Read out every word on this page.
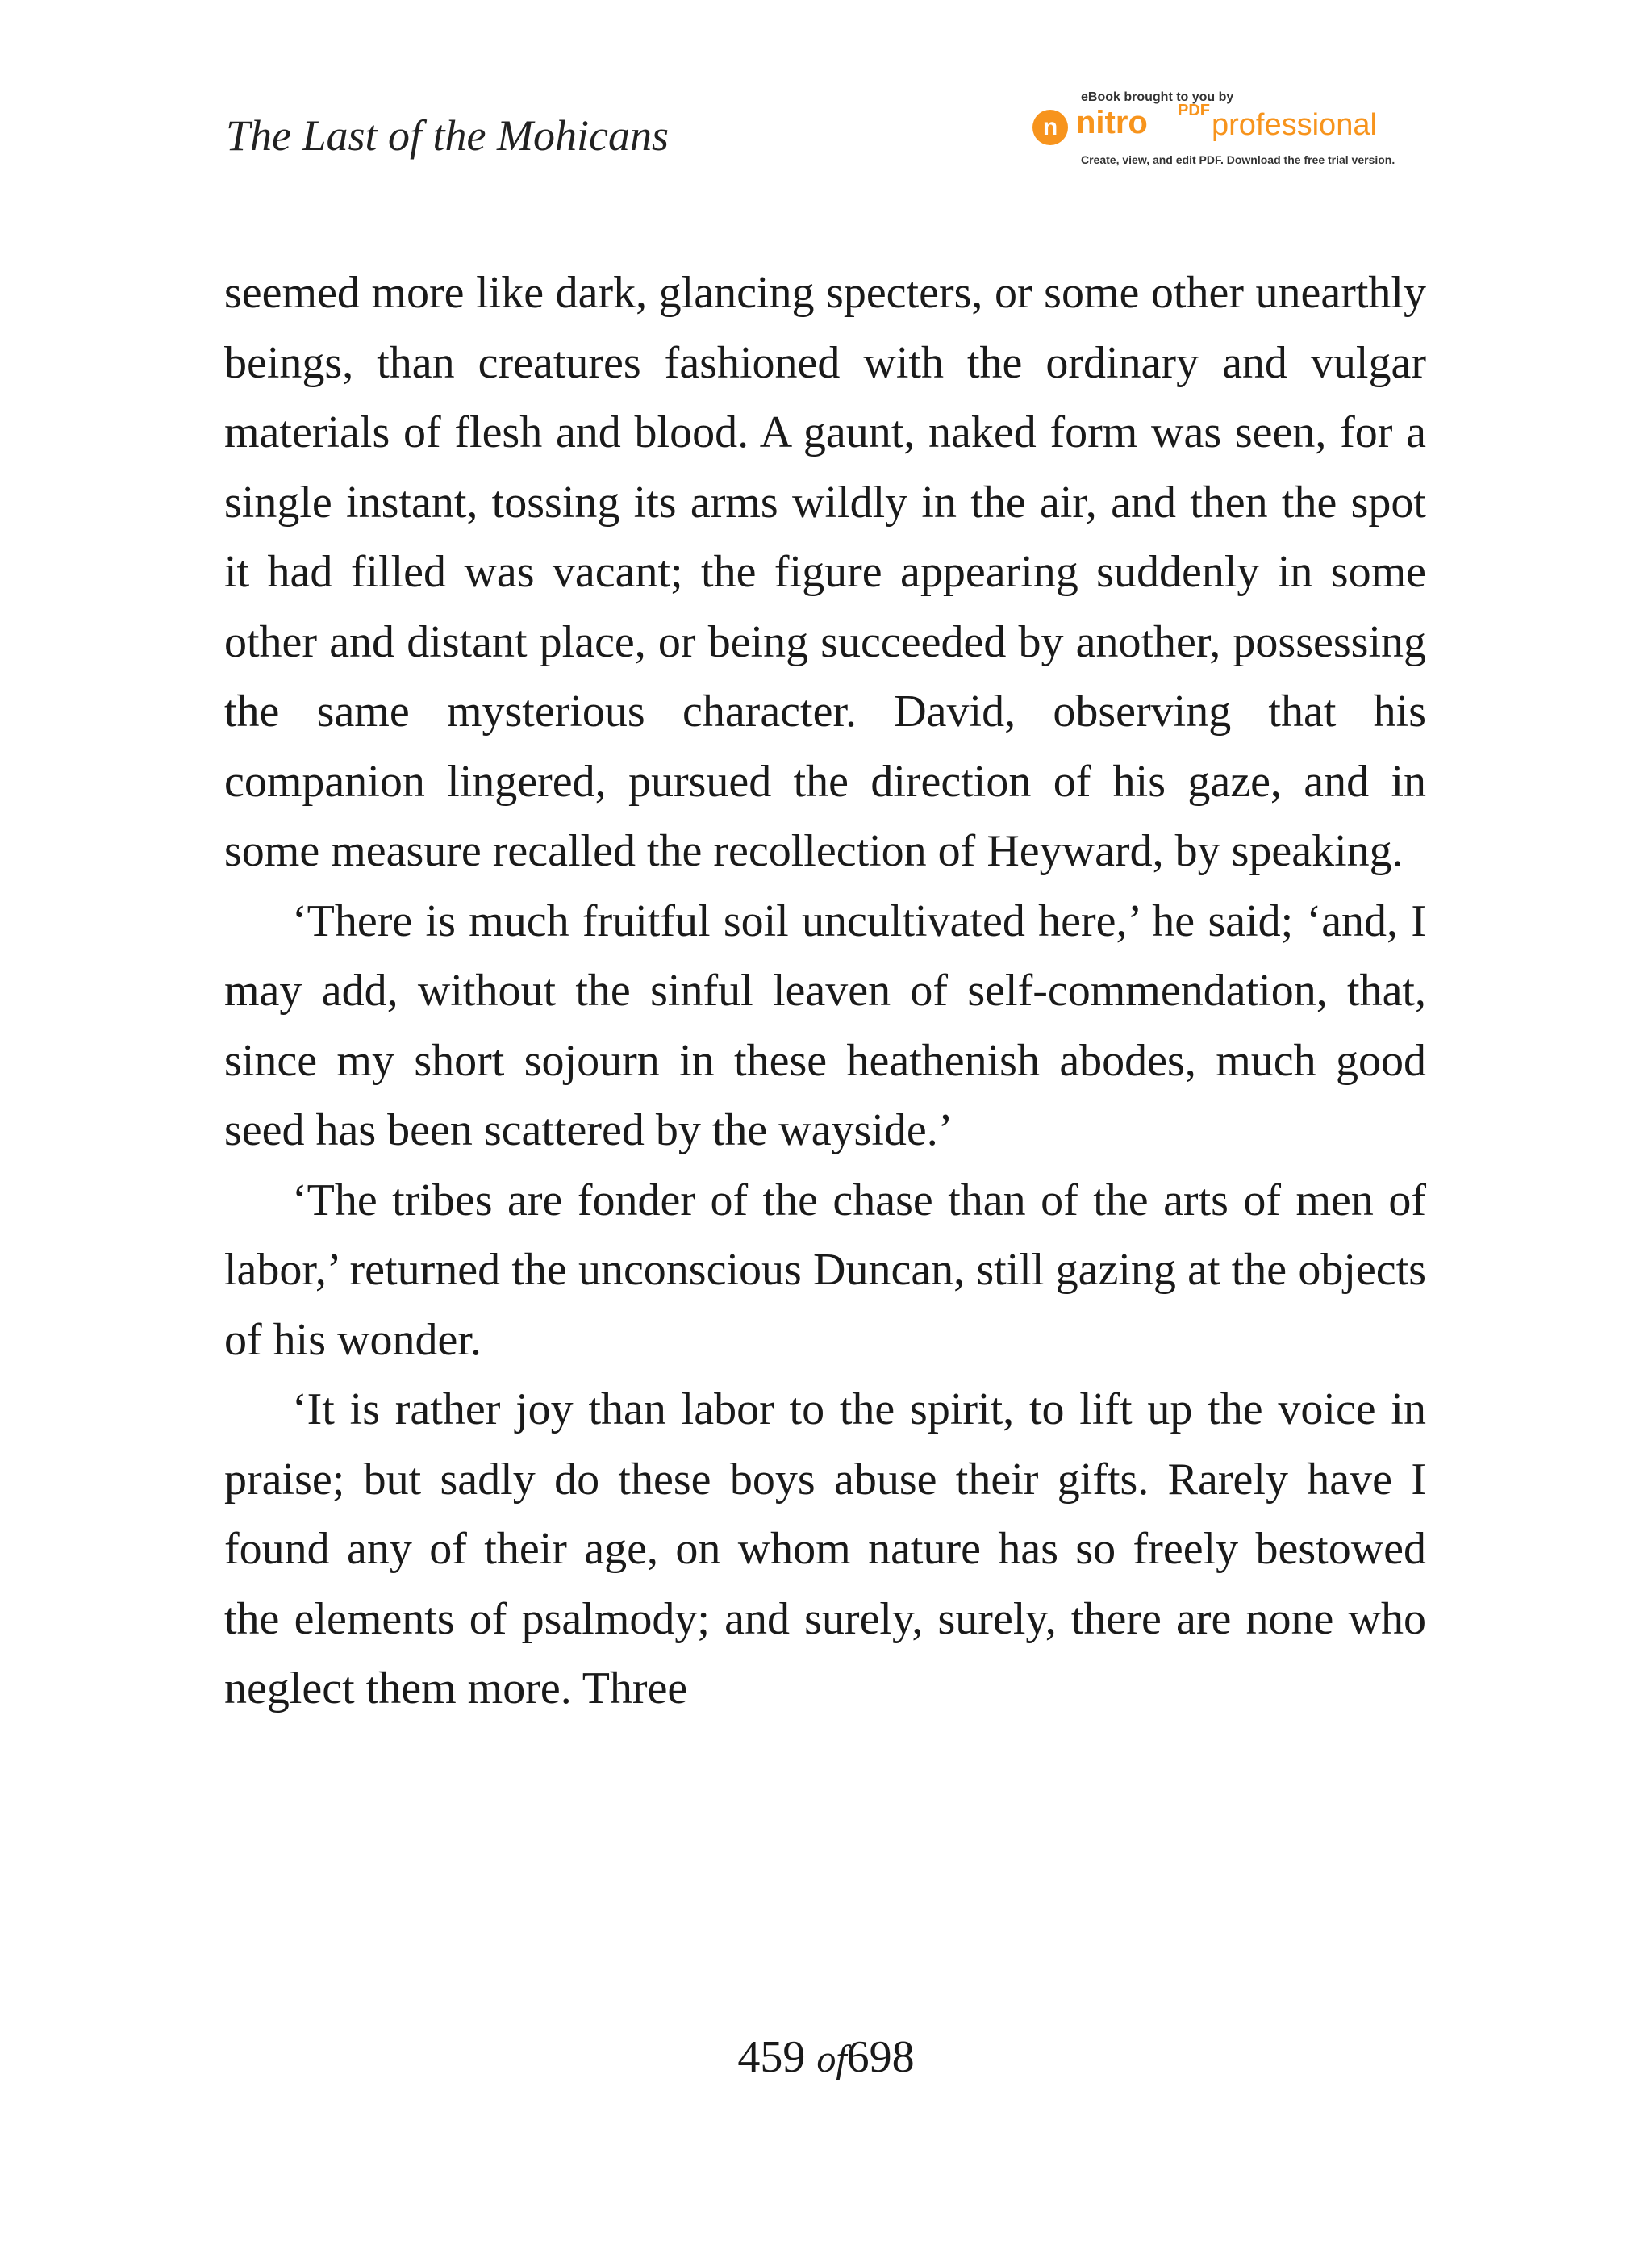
The Last of the Mohicans
eBook brought to you by
n nitro PDF professional
Create, view, and edit PDF. Download the free trial version.

seemed more like dark, glancing specters, or some other unearthly beings, than creatures fashioned with the ordinary and vulgar materials of flesh and blood. A gaunt, naked form was seen, for a single instant, tossing its arms wildly in the air, and then the spot it had filled was vacant; the figure appearing suddenly in some other and distant place, or being succeeded by another, possessing the same mysterious character. David, observing that his companion lingered, pursued the direction of his gaze, and in some measure recalled the recollection of Heyward, by speaking.

‘There is much fruitful soil uncultivated here,’ he said; ‘and, I may add, without the sinful leaven of self-commendation, that, since my short sojourn in these heathenish abodes, much good seed has been scattered by the wayside.’

‘The tribes are fonder of the chase than of the arts of men of labor,’ returned the unconscious Duncan, still gazing at the objects of his wonder.

‘It is rather joy than labor to the spirit, to lift up the voice in praise; but sadly do these boys abuse their gifts. Rarely have I found any of their age, on whom nature has so freely bestowed the elements of psalmody; and surely, surely, there are none who neglect them more. Three

459 of698
